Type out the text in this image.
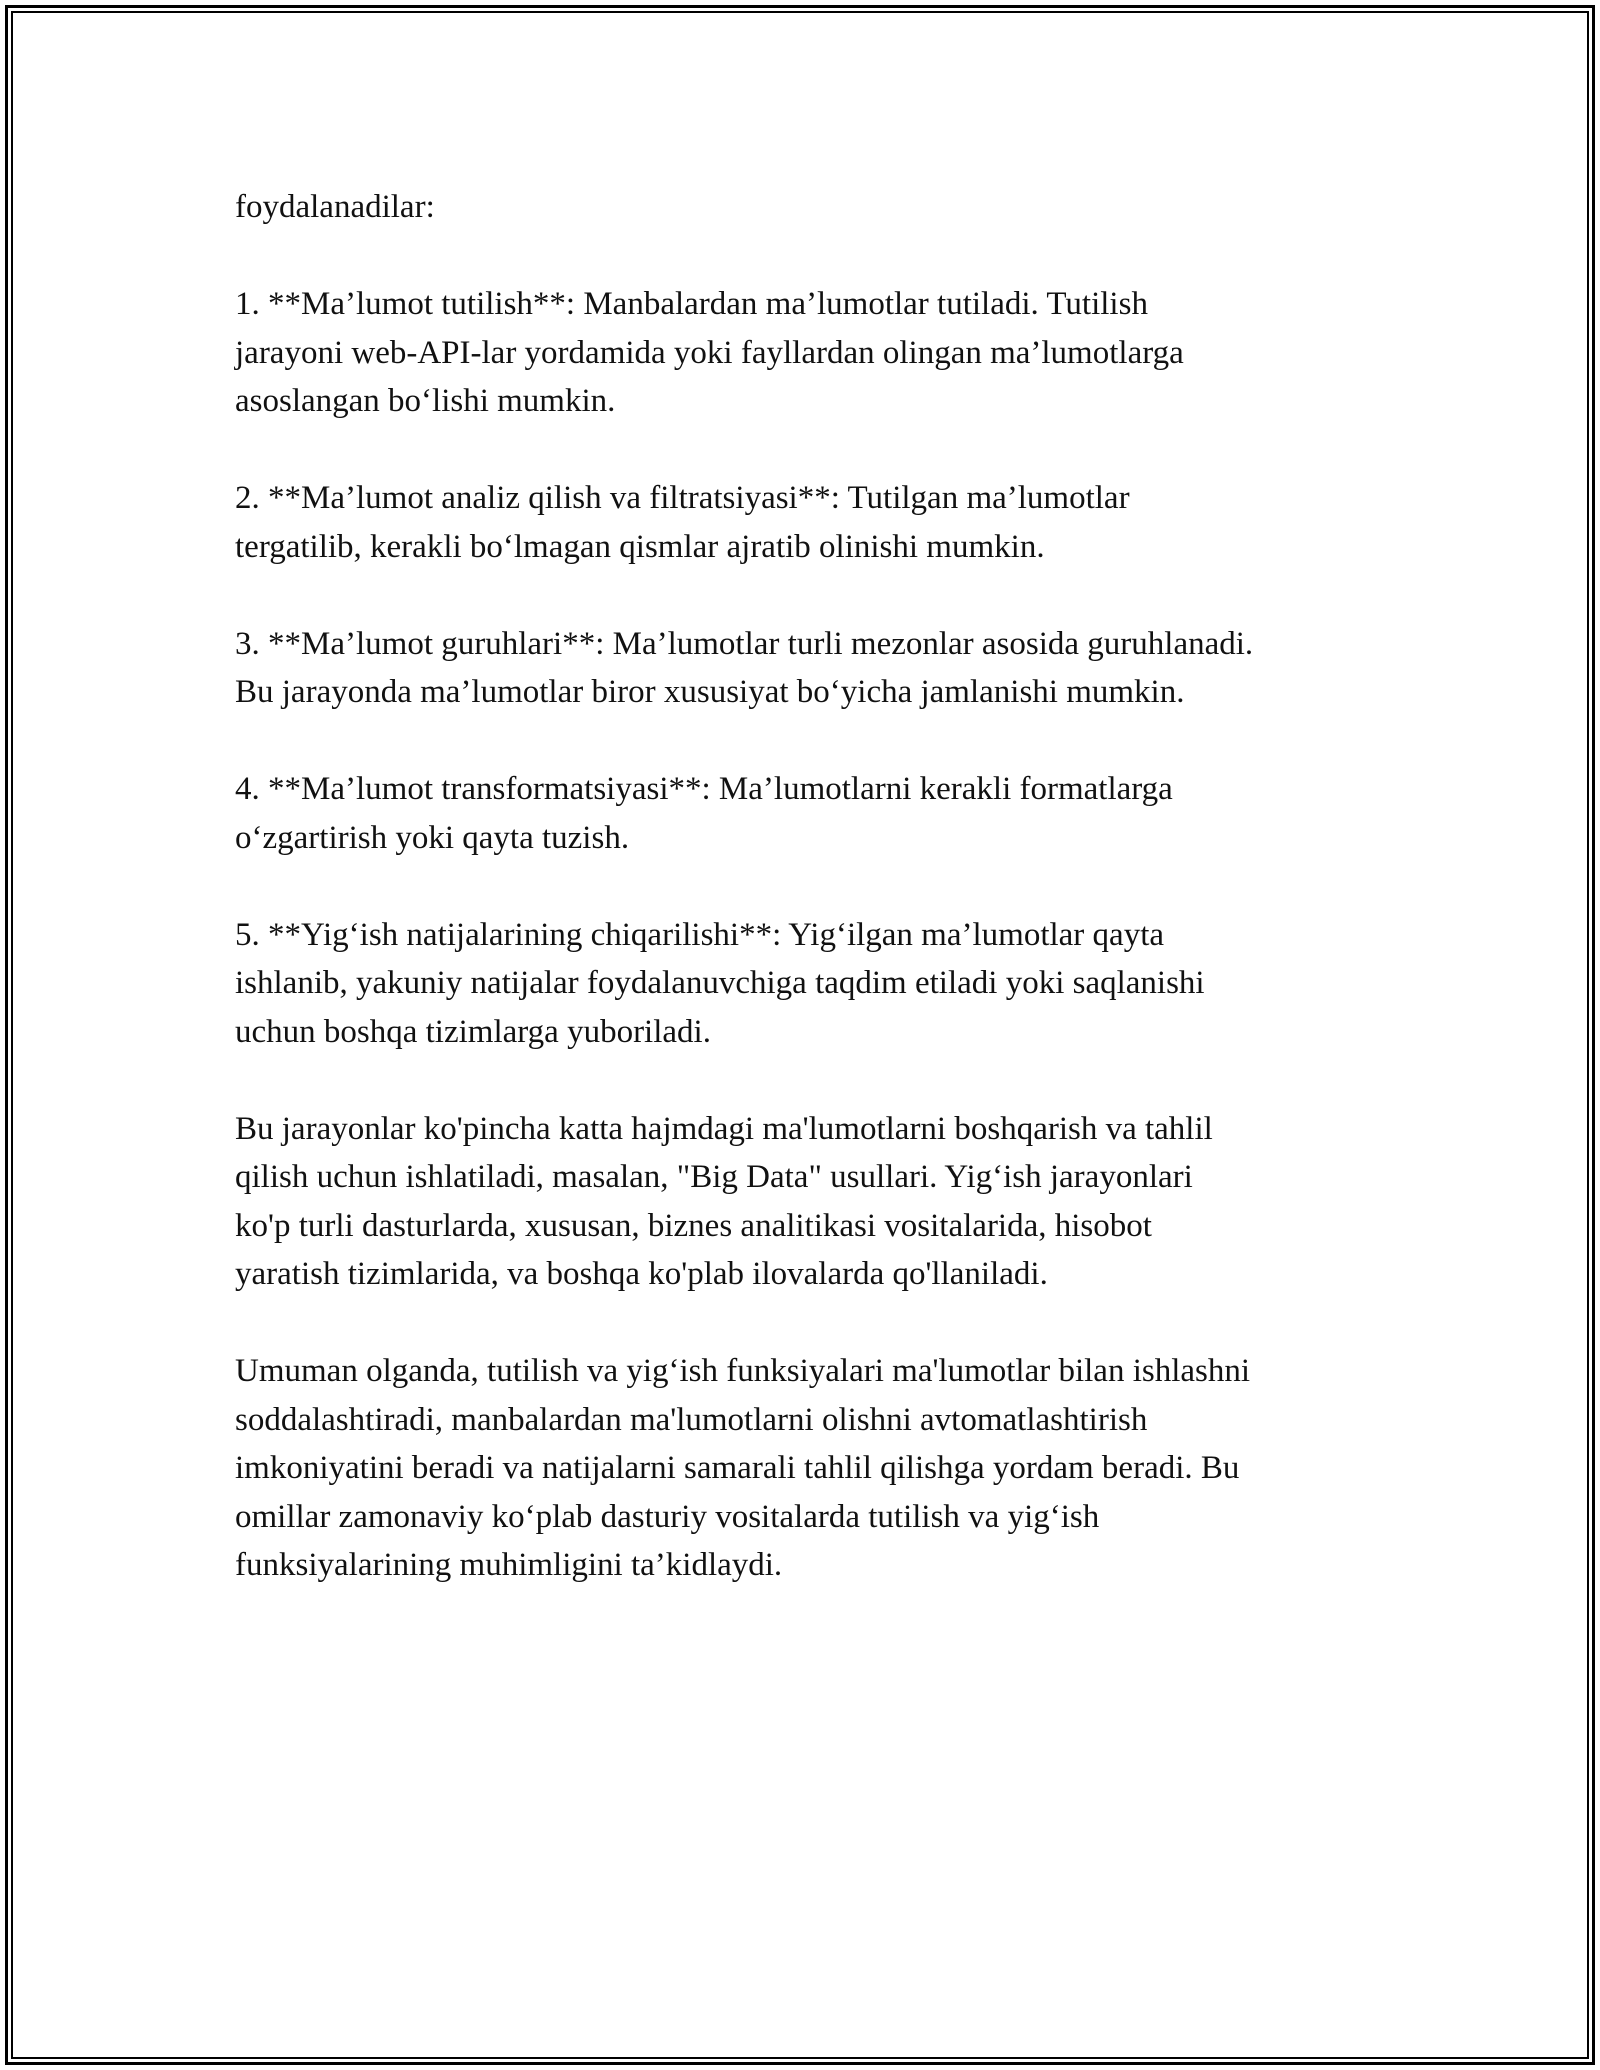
foydalanadilar:

1. **Ma’lumot tutilish**: Manbalardan ma’lumotlar tutiladi. Tutilish
jarayoni web-API-lar yordamida yoki fayllardan olingan ma’lumotlarga
asoslangan bo‘lishi mumkin.

2. **Ma’lumot analiz qilish va filtratsiyasi**: Tutilgan ma’lumotlar
tergatilib, kerakli bo‘lmagan qismlar ajratib olinishi mumkin.

3. **Ma’lumot guruhlari**: Ma’lumotlar turli mezonlar asosida guruhlanadi.
Bu jarayonda ma’lumotlar biror xususiyat bo‘yicha jamlanishi mumkin.

4. **Ma’lumot transformatsiyasi**: Ma’lumotlarni kerakli formatlarga
o‘zgartirish yoki qayta tuzish.

5. **Yig‘ish natijalarining chiqarilishi**: Yig‘ilgan ma’lumotlar qayta
ishlanib, yakuniy natijalar foydalanuvchiga taqdim etiladi yoki saqlanishi
uchun boshqa tizimlarga yuboriladi.

Bu jarayonlar ko'pincha katta hajmdagi ma'lumotlarni boshqarish va tahlil
qilish uchun ishlatiladi, masalan, "Big Data" usullari. Yig‘ish jarayonlari
ko'p turli dasturlarda, xususan, biznes analitikasi vositalarida, hisobot
yaratish tizimlarida, va boshqa ko'plab ilovalarda qo'llaniladi.

Umuman olganda, tutilish va yig‘ish funksiyalari ma'lumotlar bilan ishlashni
soddalashtiradi, manbalardan ma'lumotlarni olishni avtomatlashtirish
imkoniyatini beradi va natijalarni samarali tahlil qilishga yordam beradi. Bu
omillar zamonaviy ko‘plab dasturiy vositalarda tutilish va yig‘ish
funksiyalarining muhimligini ta’kidlaydi.
